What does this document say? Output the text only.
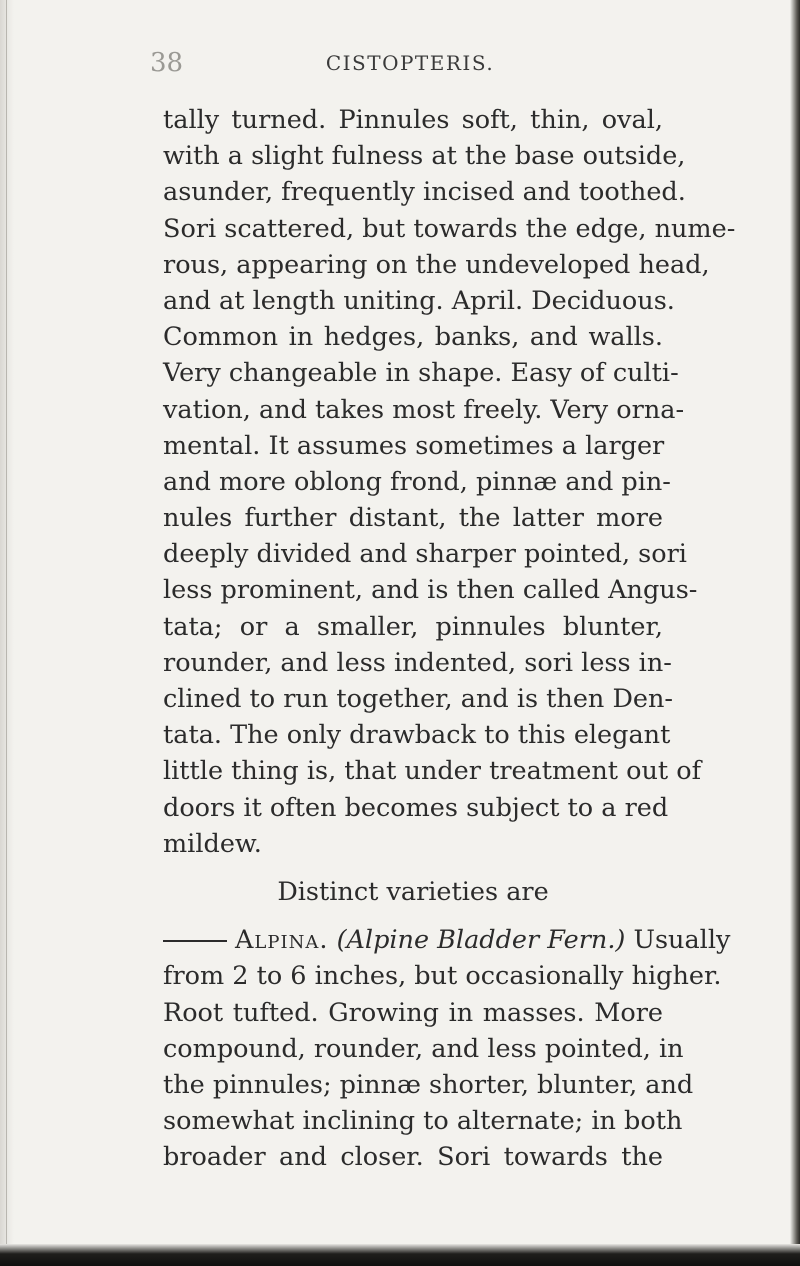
38	CISTOPTERIS.
tally turned. Pinnules soft, thin, oval,
with a slight fulness at the base outside,
asunder, frequently incised and toothed.
Sori scattered, but towards the edge, nume-
rous, appearing on the undeveloped head,
and at length uniting. April. Deciduous.
Common in hedges, banks, and walls.
Very changeable in shape. Easy of culti-
vation, and takes most freely. Very orna-
mental. It assumes sometimes a larger
and more oblong frond, pinnæ and pin-
nules further distant, the latter more
deeply divided and sharper pointed, sori
less prominent, and is then called Angus-
tata; or a smaller, pinnules blunter,
rounder, and less indented, sori less in-
clined to run together, and is then Den-
tata. The only drawback to this elegant
little thing is, that under treatment out of
doors it often becomes subject to a red
mildew.
Distinct varieties are
Alpina. (Alpine Bladder Fern.) Usually
from 2 to 6 inches, but occasionally higher.
Root tufted. Growing in masses. More
compound, rounder, and less pointed, in
the pinnules; pinnæ shorter, blunter, and
somewhat inclining to alternate; in both
broader and closer. Sori towards the
